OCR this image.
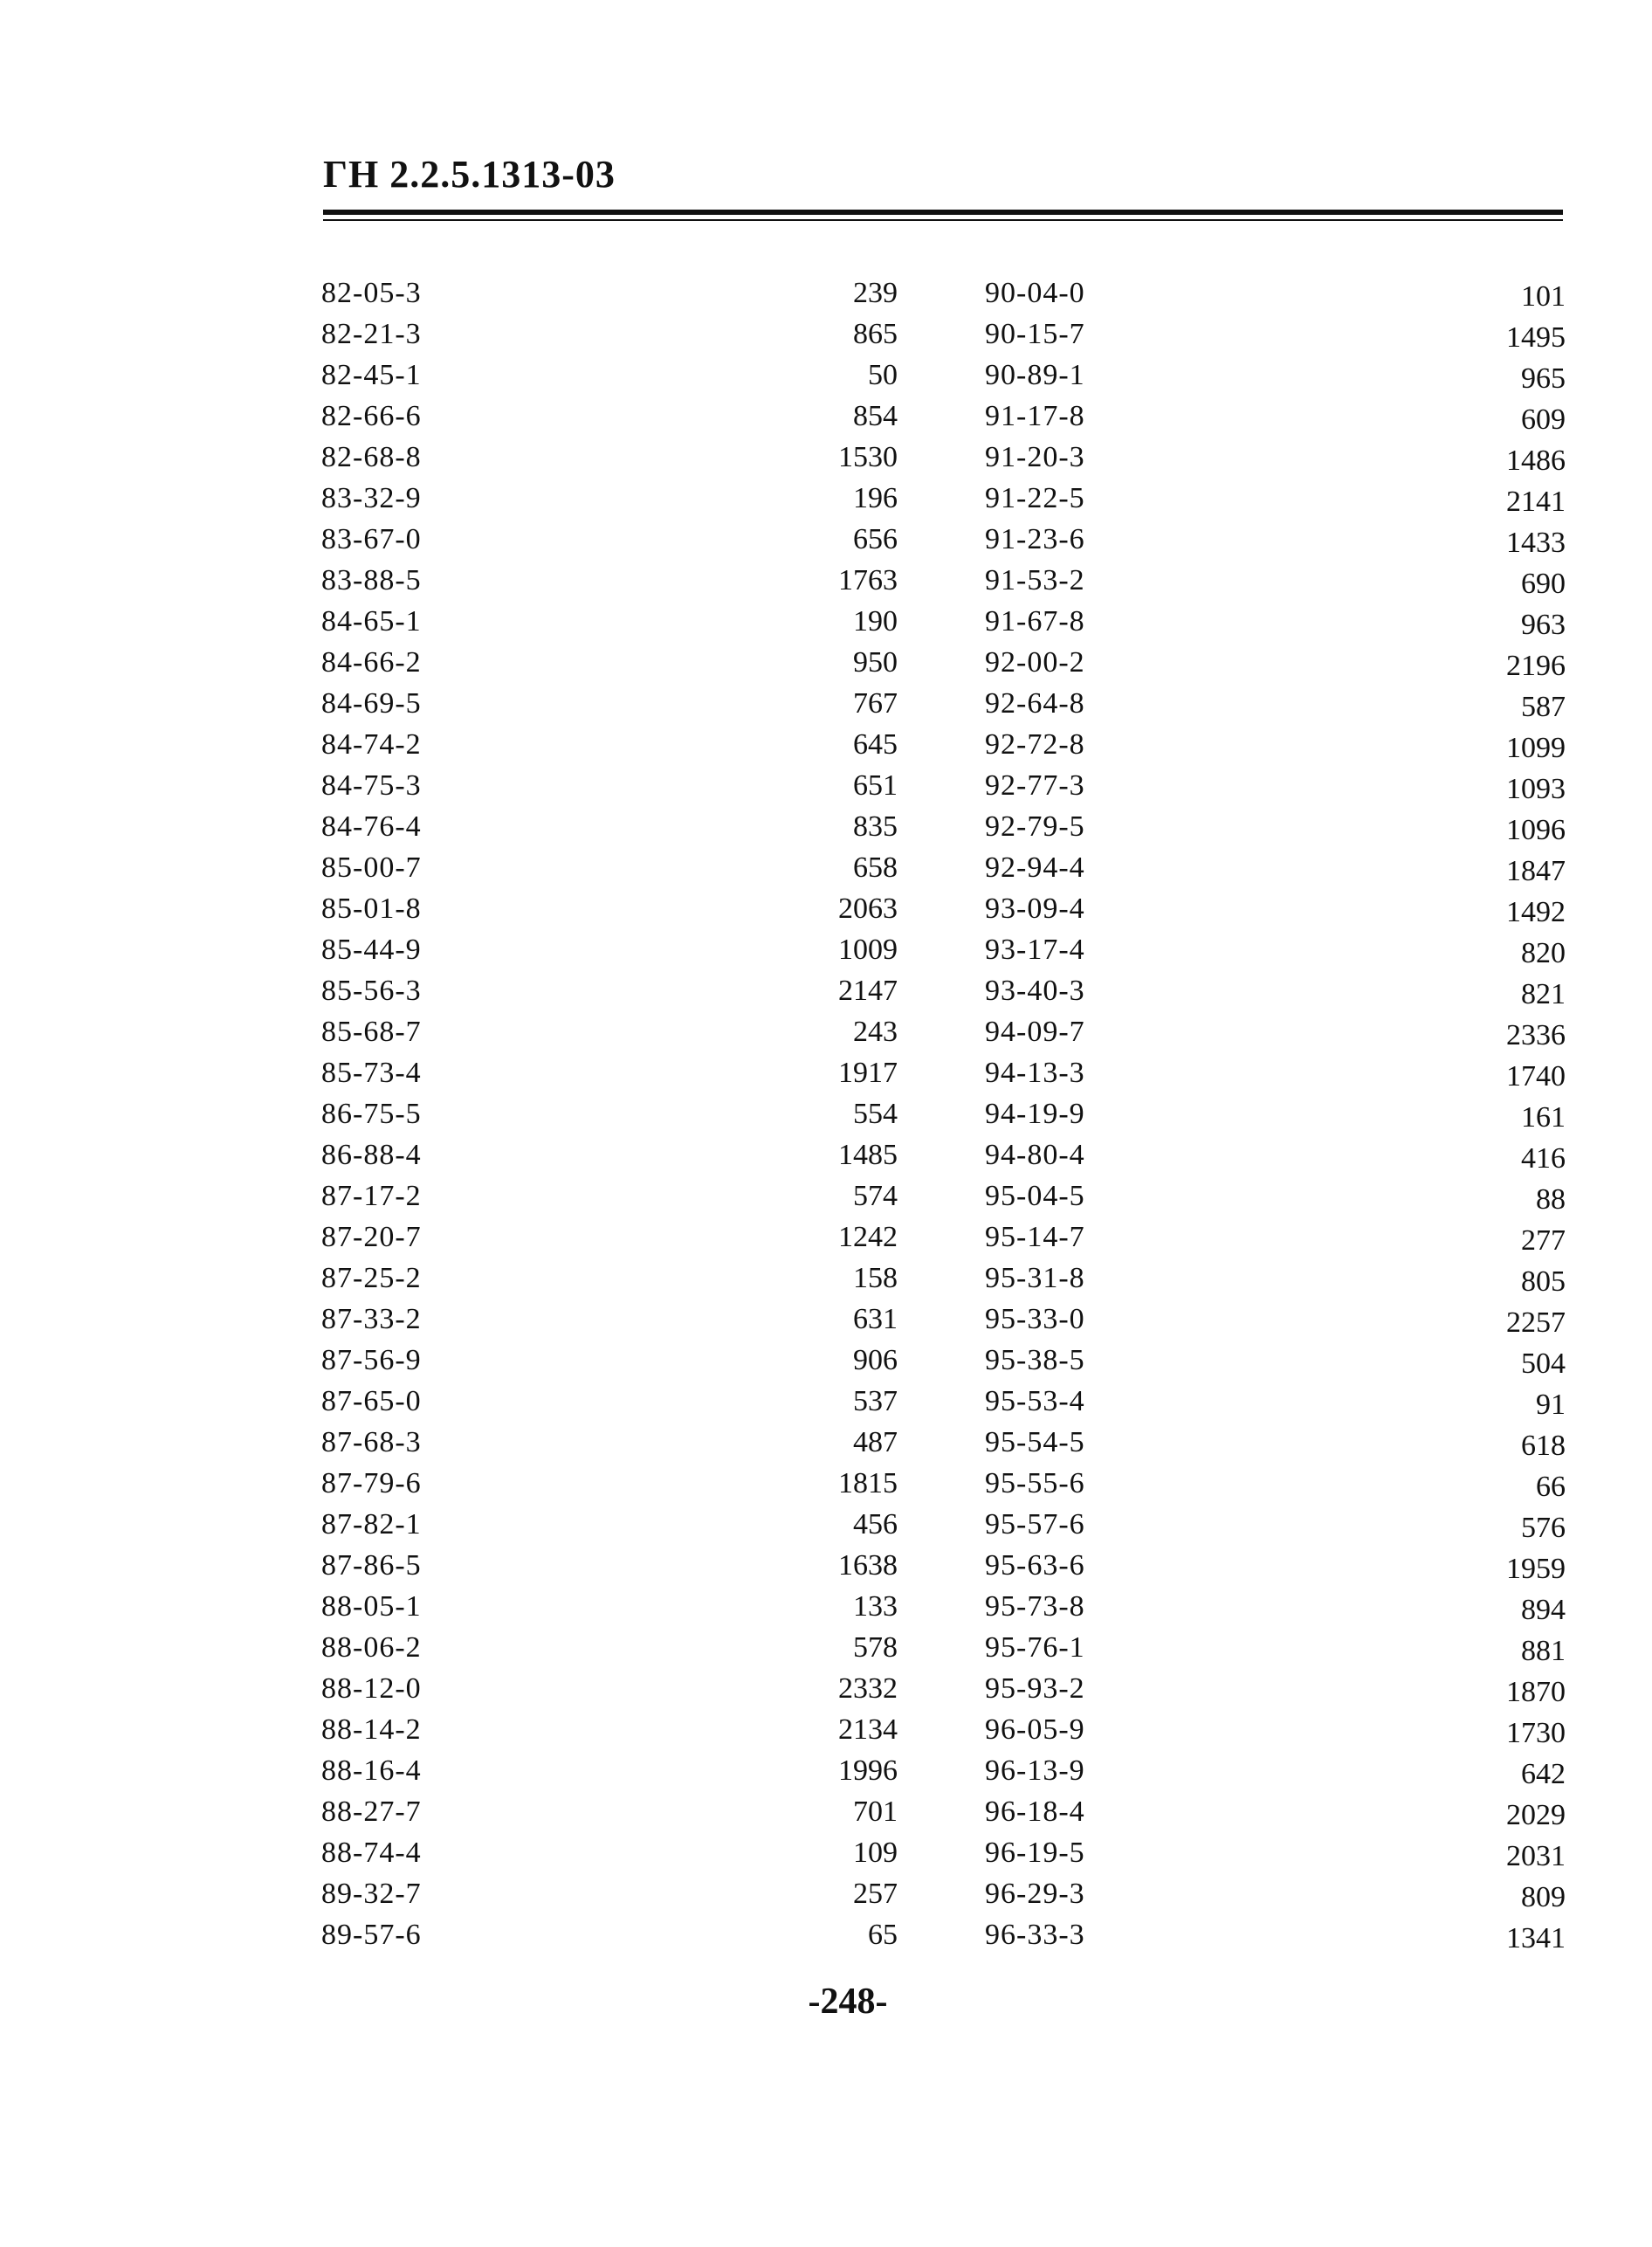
ГН 2.2.5.1313-03
82-05-3	239
82-21-3	865
82-45-1	50
82-66-6	854
82-68-8	1530
83-32-9	196
83-67-0	656
83-88-5	1763
84-65-1	190
84-66-2	950
84-69-5	767
84-74-2	645
84-75-3	651
84-76-4	835
85-00-7	658
85-01-8	2063
85-44-9	1009
85-56-3	2147
85-68-7	243
85-73-4	1917
86-75-5	554
86-88-4	1485
87-17-2	574
87-20-7	1242
87-25-2	158
87-33-2	631
87-56-9	906
87-65-0	537
87-68-3	487
87-79-6	1815
87-82-1	456
87-86-5	1638
88-05-1	133
88-06-2	578
88-12-0	2332
88-14-2	2134
88-16-4	1996
88-27-7	701
88-74-4	109
89-32-7	257
89-57-6	65
90-04-0	101
90-15-7	1495
90-89-1	965
91-17-8	609
91-20-3	1486
91-22-5	2141
91-23-6	1433
91-53-2	690
91-67-8	963
92-00-2	2196
92-64-8	587
92-72-8	1099
92-77-3	1093
92-79-5	1096
92-94-4	1847
93-09-4	1492
93-17-4	820
93-40-3	821
94-09-7	2336
94-13-3	1740
94-19-9	161
94-80-4	416
95-04-5	88
95-14-7	277
95-31-8	805
95-33-0	2257
95-38-5	504
95-53-4	91
95-54-5	618
95-55-6	66
95-57-6	576
95-63-6	1959
95-73-8	894
95-76-1	881
95-93-2	1870
96-05-9	1730
96-13-9	642
96-18-4	2029
96-19-5	2031
96-29-3	809
96-33-3	1341
-248-
